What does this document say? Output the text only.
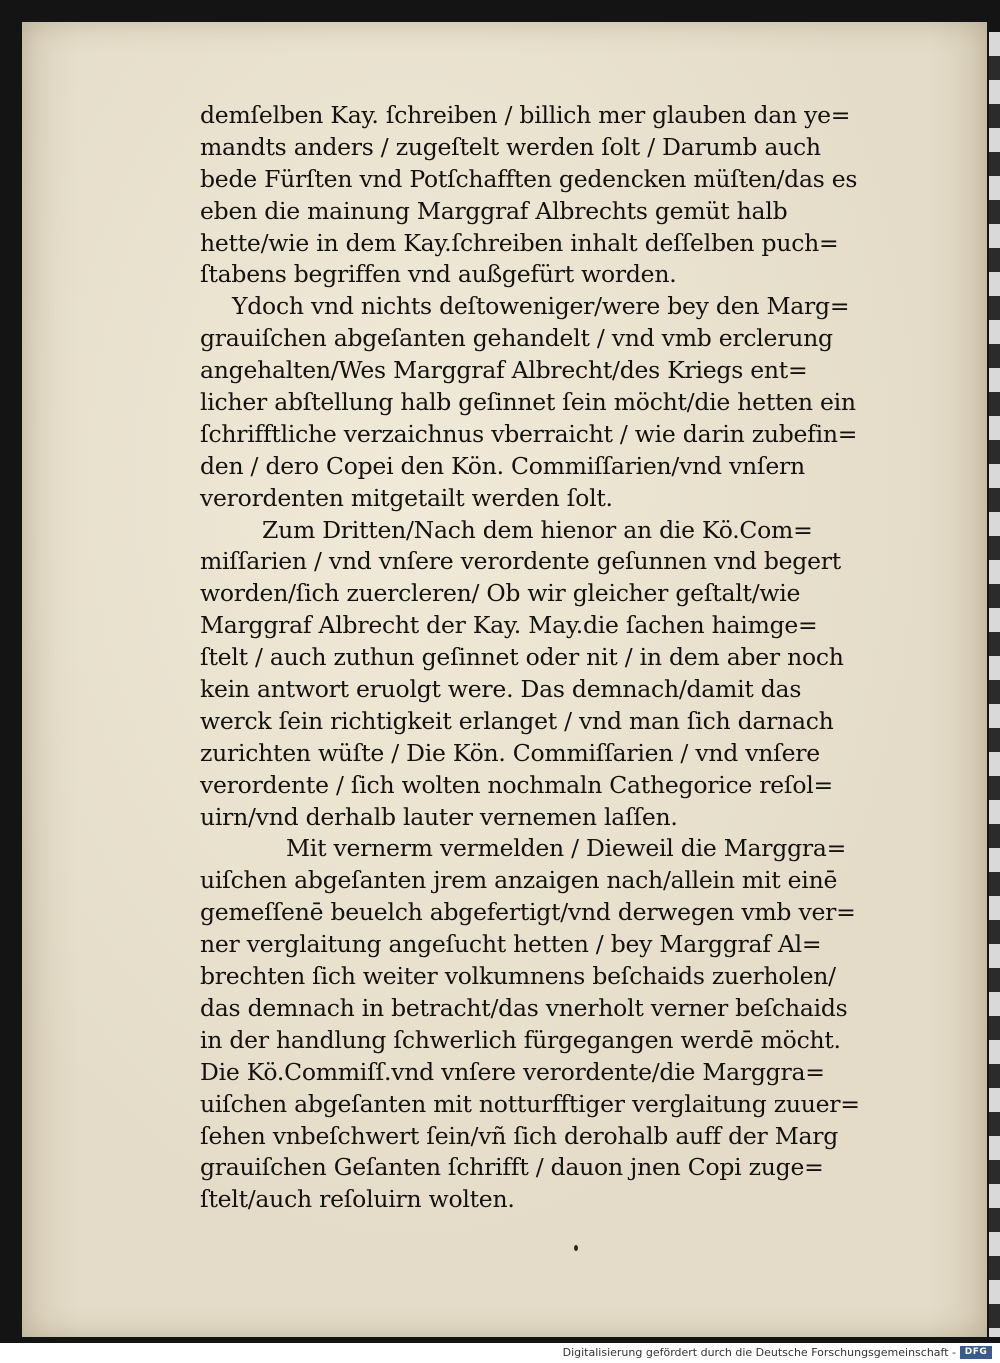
demſelben Kay. ſchreiben / billich mer glauben dan ye=
mandts anders / zugeſtelt werden ſolt / Darumb auch
bede Fürſten vnd Potſchafften gedencken müſten/das es
eben die mainung Marggraf Albrechts gemüt halb
hette/wie in dem Kay.ſchreiben inhalt deſſelben puch=
ſtabens begriffen vnd außgefürt worden.
Ydoch vnd nichts deſtoweniger/were bey den Marg=
grauiſchen abgeſanten gehandelt / vnd vmb erclerung
angehalten/Wes Marggraf Albrecht/des Kriegs ent=
licher abſtellung halb geſinnet ſein möcht/die hetten ein
ſchrifftliche verzaichnus vberraicht / wie darin zubefin=
den / dero Copei den Kön. Commiſſarien/vnd vnſern
verordenten mitgetailt werden ſolt.
Zum Dritten/Nach dem hienor an die Kö.Com=
miſſarien / vnd vnſere verordente geſunnen vnd begert
worden/ſich zuercleren/ Ob wir gleicher geſtalt/wie
Marggraf Albrecht der Kay. May.die ſachen haimge=
ſtelt / auch zuthun geſinnet oder nit / in dem aber noch
kein antwort eruolgt were. Das demnach/damit das
werck ſein richtigkeit erlanget / vnd man ſich darnach
zurichten wüſte / Die Kön. Commiſſarien / vnd vnſere
verordente / ſich wolten nochmaln Cathegorice reſol=
uirn/vnd derhalb lauter vernemen laſſen.
Mit vernerm vermelden / Dieweil die Marggra=
uiſchen abgeſanten jrem anzaigen nach/allein mit einē
gemeſſenē beuelch abgefertigt/vnd derwegen vmb ver=
ner verglaitung angeſucht hetten / bey Marggraf Al=
brechten ſich weiter volkumnens beſchaids zuerholen/
das demnach in betracht/das vnerholt verner beſchaids
in der handlung ſchwerlich fürgegangen werdē möcht.
Die Kö.Commiſſ.vnd vnſere verordente/die Marggra=
uiſchen abgeſanten mit notturfftiger verglaitung zuuer=
ſehen vnbeſchwert ſein/vñ ſich derohalb auff der Marg
grauiſchen Geſanten ſchrifft / dauon jnen Copi zuge=
ſtelt/auch reſoluirn wolten.
Digitalisierung gefördert durch die Deutsche Forschungsgemeinschaft - DFG
